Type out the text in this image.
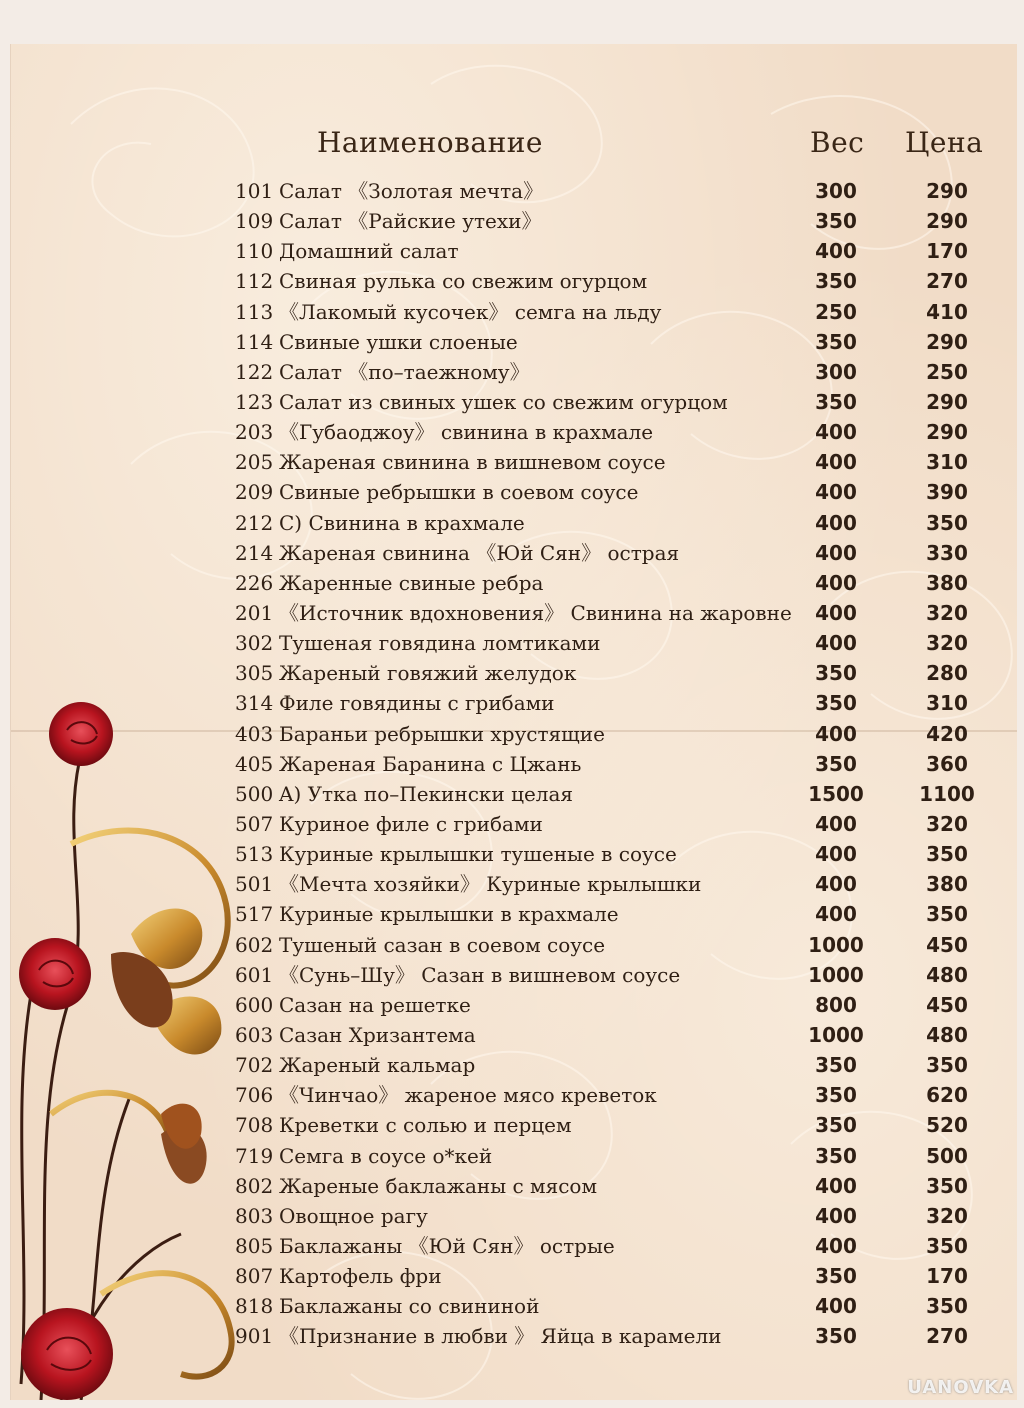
Наименование	Вес Цена
101 Салат 《Золотая мечта》	300	290
109 Салат 《Райские утехи》	350	290
110 Домашний салат	400	170
112 Свиная рулька со свежим огурцом	350	270
113 《Лакомый кусочек》 семга на льду	250	410
114 Свиные ушки слоеные	350	290
122 Салат 《по–таежному》	300	250
123 Салат из свиных ушек со свежим огурцом	350	290
203 《Губаоджоу》 свинина в крахмале	400	290
205 Жареная свинина в вишневом соусе	400	310
209 Свиные ребрышки в соевом соусе	400	390
212 C) Свинина в крахмале	400	350
214 Жареная свинина 《Юй Сян》 острая	400	330
226 Жаренные свиные ребра	400	380
201 《Источник вдохновения》 Свинина на жаровне	400	320
302 Тушеная говядина ломтиками	400	320
305 Жареный говяжий желудок	350	280
314 Филе говядины с грибами	350	310
403 Бараньи ребрышки хрустящие	400	420
405 Жареная Баранина с Цжань	350	360
500 A) Утка по–Пекински целая	1500	1100
507 Куриное филе с грибами	400	320
513 Куриные крылышки тушеные в соусе	400	350
501 《Мечта хозяйки》 Куриные крылышки	400	380
517 Куриные крылышки в крахмале	400	350
602 Тушеный сазан в соевом соусе	1000	450
601 《Сунь–Шу》 Сазан в вишневом соусе	1000	480
600 Сазан на решетке	800	450
603 Сазан Хризантема	1000	480
702 Жареный кальмар	350	350
706 《Чинчао》 жареное мясо креветок	350	620
708 Креветки с солью и перцем	350	520
719 Семга в соусе о*кей	350	500
802 Жареные баклажаны с мясом	400	350
803 Овощное рагу	400	320
805 Баклажаны 《Юй Сян》 острые	400	350
807 Картофель фри	350	170
818 Баклажаны со свининой	400	350
901 《Признание в любви 》 Яйца в карамели	350	270
UANOVKA
